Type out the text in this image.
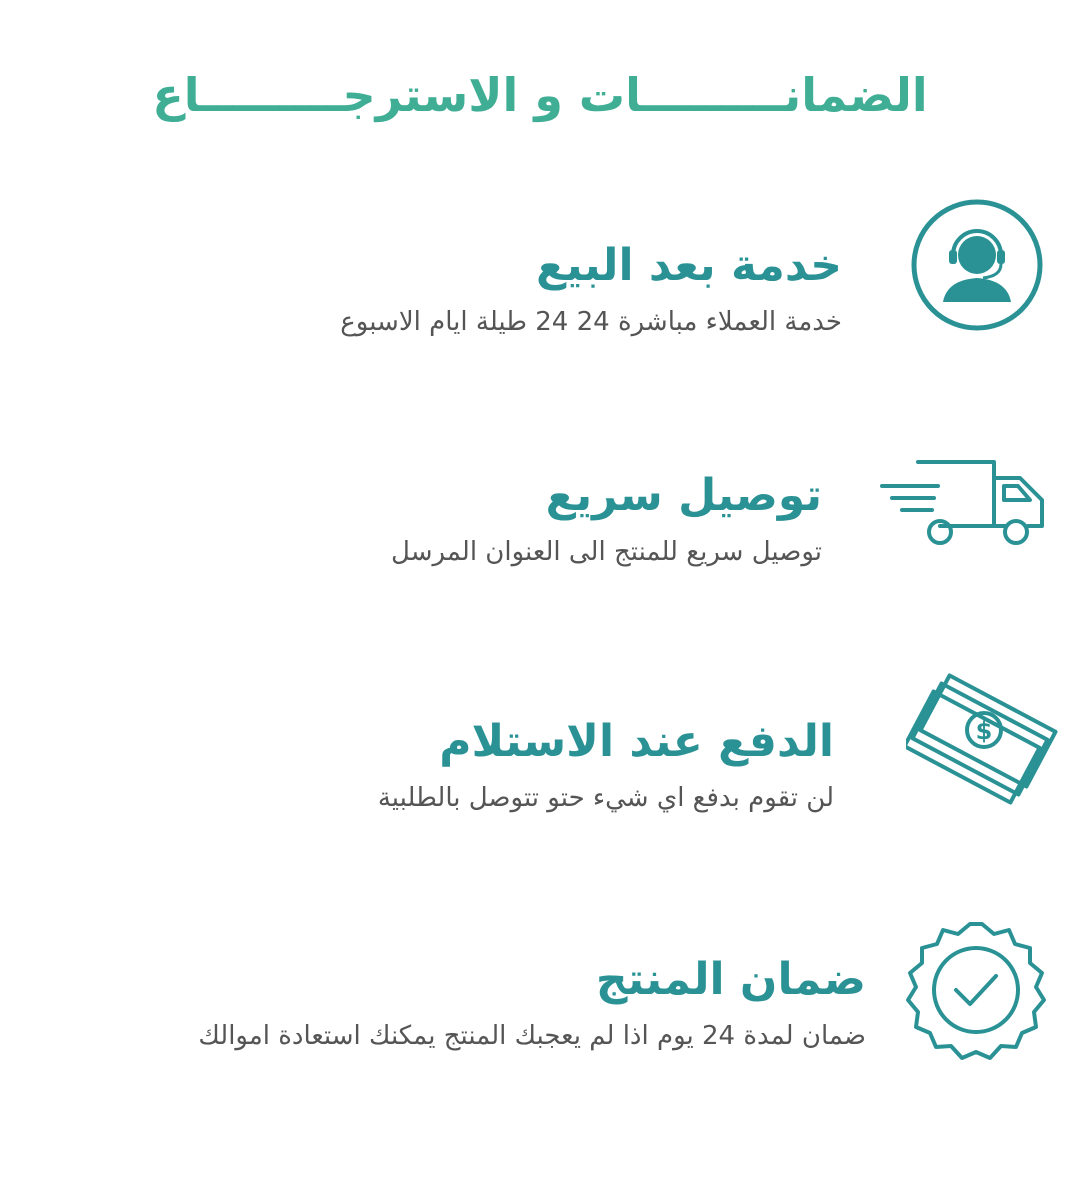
الضمانـــــــــات و الاسترجـــــــــاع

خدمة بعد البيع

خدمة العملاء مباشرة 24 24 طيلة ايام الاسبوع

توصيل سريع

توصيل سريع للمنتج الى العنوان المرسل

الدفع عند الاستلام

لن تقوم بدفع اي شيء حتو تتوصل بالطلبية

$

ضمان المنتج

ضمان لمدة 24 يوم اذا لم يعجبك المنتج يمكنك استعادة اموالك
